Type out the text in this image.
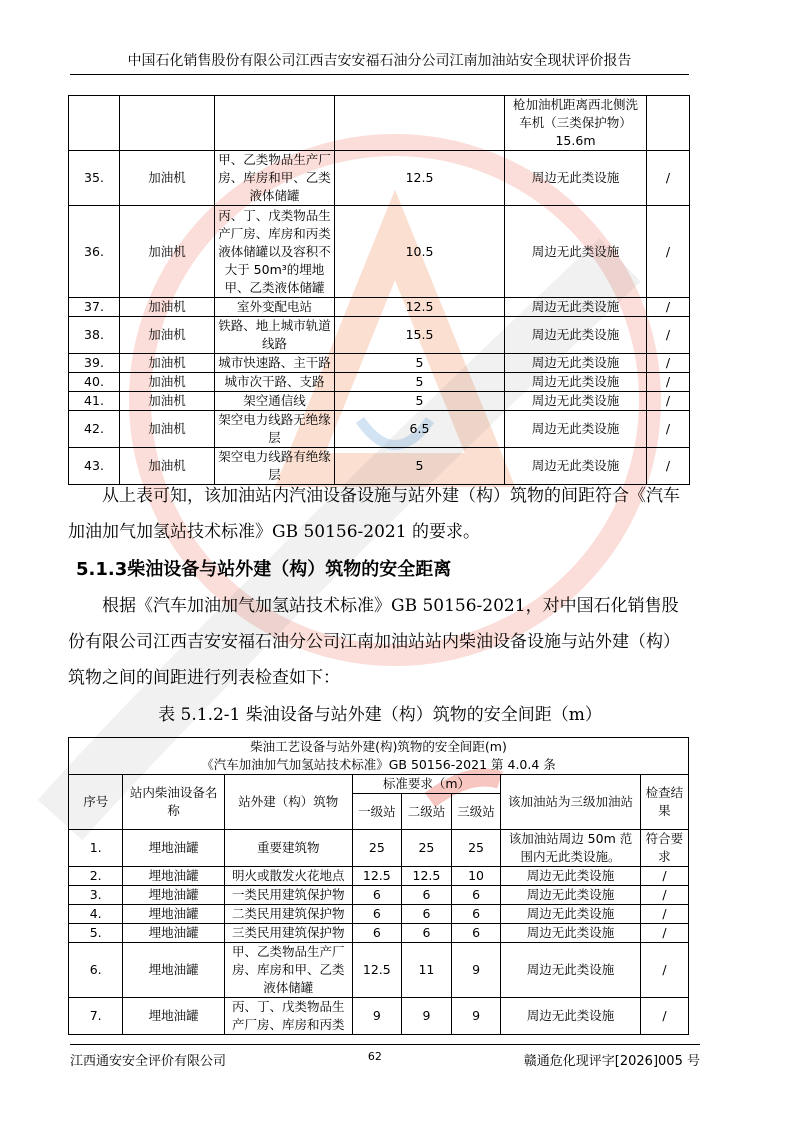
中国石化销售股份有限公司江西吉安安福石油分公司江南加油站安全现状评价报告
				枪加油机距离西北侧洗车机（三类保护物）15.6m	
35.	加油机	甲、乙类物品生产厂房、库房和甲、乙类液体储罐	12.5	周边无此类设施	/
36.	加油机	丙、丁、戊类物品生产厂房、库房和丙类液体储罐以及容积不大于 50m³的埋地甲、乙类液体储罐	10.5	周边无此类设施	/
37.	加油机	室外变配电站	12.5	周边无此类设施	/
38.	加油机	铁路、地上城市轨道线路	15.5	周边无此类设施	/
39.	加油机	城市快速路、主干路	5	周边无此类设施	/
40.	加油机	城市次干路、支路	5	周边无此类设施	/
41.	加油机	架空通信线	5	周边无此类设施	/
42.	加油机	架空电力线路无绝缘层	6.5	周边无此类设施	/
43.	加油机	架空电力线路有绝缘层	5	周边无此类设施	/
从上表可知，该加油站内汽油设备设施与站外建（构）筑物的间距符合《汽车加油加气加氢站技术标准》GB 50156-2021 的要求。
5.1.3柴油设备与站外建（构）筑物的安全距离
根据《汽车加油加气加氢站技术标准》GB 50156-2021，对中国石化销售股份有限公司江西吉安安福石油分公司江南加油站站内柴油设备设施与站外建（构）筑物之间的间距进行列表检查如下：
表 5.1.2-1 柴油设备与站外建（构）筑物的安全间距（m）
柴油工艺设备与站外建(构)筑物的安全间距(m)
《汽车加油加气加氢站技术标准》GB 50156-2021 第 4.0.4 条							

序号	站内柴油设备名称	站外建（构）筑物	标准要求（m）			该加油站为三级加油站	检查结果
			一级站	二级站	三级站		
1.	埋地油罐	重要建筑物	25	25	25	该加油站周边 50m 范围内无此类设施。	符合要求
2.	埋地油罐	明火或散发火花地点	12.5	12.5	10	周边无此类设施	/
3.	埋地油罐	一类民用建筑保护物	6	6	6	周边无此类设施	/
4.	埋地油罐	二类民用建筑保护物	6	6	6	周边无此类设施	/
5.	埋地油罐	三类民用建筑保护物	6	6	6	周边无此类设施	/
6.	埋地油罐	甲、乙类物品生产厂房、库房和甲、乙类液体储罐	12.5	11	9	周边无此类设施	/
7.	埋地油罐	丙、丁、戊类物品生产厂房、库房和丙类	9	9	9	周边无此类设施	/
江西通安安全评价有限公司	62	赣通危化现评字[2026]005 号
